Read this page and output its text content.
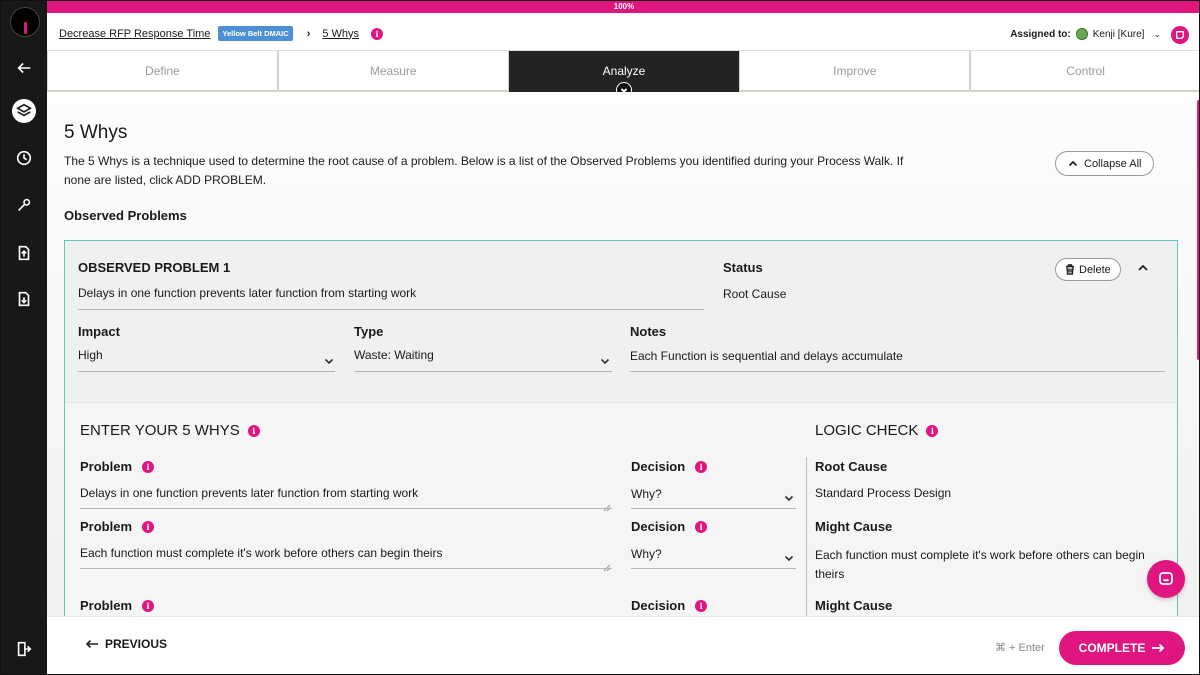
100%
Decrease RFP Response Time	Yellow Belt DMAIC	› 5 Whys	i	Assigned to: Kenji [Kure] ⌄
Define	Measure	Analyze	Improve	Control
5 Whys

The 5 Whys is a technique used to determine the root cause of a problem. Below is a list of the Observed Problems you identified during your Process Walk. If none are listed, click ADD PROBLEM.

Collapse All
Observed Problems
OBSERVED PROBLEM 1
Delays in one function prevents later function from starting work
Status
Root Cause
Delete
Impact
High
Type
Waste: Waiting
Notes
Each Function is sequential and delays accumulate
ENTER YOUR 5 WHYS	i	LOGIC CHECK	i
Problem	i
Delays in one function prevents later function from starting work
Decision	i
Why?
Root Cause
Standard Process Design
Problem	i
Each function must complete it's work before others can begin theirs
Decision	i
Why?
Might Cause
Each function must complete it's work before others can begin theirs
Problem	i	Decision	i	Might Cause
PREVIOUS	⌘ + Enter	COMPLETE
